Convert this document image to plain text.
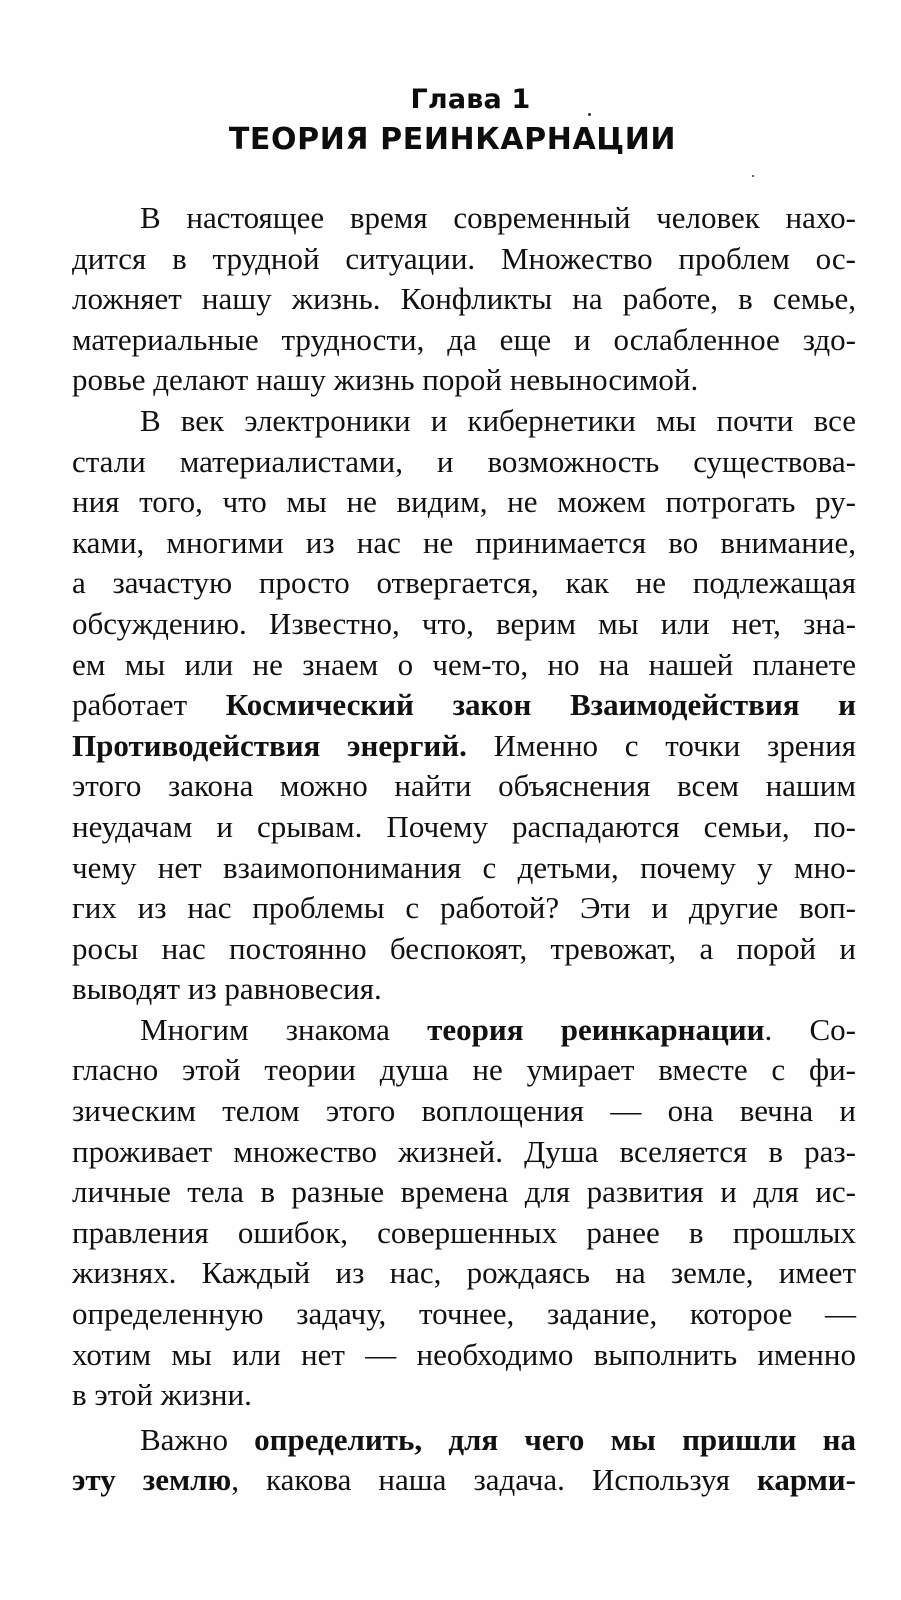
Глава 1
ТЕОРИЯ РЕИНКАРНАЦИИ
В настоящее время современный человек нахо-
дится в трудной ситуации. Множество проблем ос-
ложняет нашу жизнь. Конфликты на работе, в семье,
материальные трудности, да еще и ослабленное здо-
ровье делают нашу жизнь порой невыносимой.
В век электроники и кибернетики мы почти все
стали материалистами, и возможность существова-
ния того, что мы не видим, не можем потрогать ру-
ками, многими из нас не принимается во внимание,
а зачастую просто отвергается, как не подлежащая
обсуждению. Известно, что, верим мы или нет, зна-
ем мы или не знаем о чем-то, но на нашей планете
работает Космический закон Взаимодействия и
Противодействия энергий. Именно с точки зрения
этого закона можно найти объяснения всем нашим
неудачам и срывам. Почему распадаются семьи, по-
чему нет взаимопонимания с детьми, почему у мно-
гих из нас проблемы с работой? Эти и другие воп-
росы нас постоянно беспокоят, тревожат, а порой и
выводят из равновесия.
Многим знакома теория реинкарнации. Со-
гласно этой теории душа не умирает вместе с фи-
зическим телом этого воплощения — она вечна и
проживает множество жизней. Душа вселяется в раз-
личные тела в разные времена для развития и для ис-
правления ошибок, совершенных ранее в прошлых
жизнях. Каждый из нас, рождаясь на земле, имеет
определенную задачу, точнее, задание, которое —
хотим мы или нет — необходимо выполнить именно
в этой жизни.
Важно определить, для чего мы пришли на
эту землю, какова наша задача. Используя карми-
